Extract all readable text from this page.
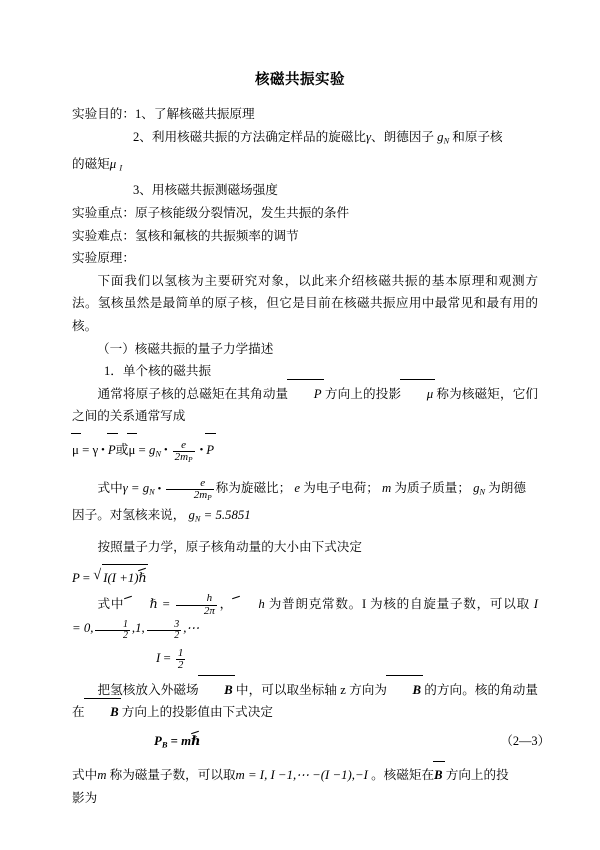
核磁共振实验
实验目的：1、了解核磁共振原理
2、利用核磁共振的方法确定样品的旋磁比γ、朗德因子 $g_N$ 和原子核
的磁矩μ $_I$
3、用核磁共振测磁场强度
实验重点：原子核能级分裂情况，发生共振的条件
实验难点：氢核和氟核的共振频率的调节
实验原理：
下面我们以氢核为主要研究对象，以此来介绍核磁共振的基本原理和观测方法。氢核虽然是最简单的原子核，但它是目前在核磁共振应用中最常见和最有用的核。
（一）核磁共振的量子力学描述
1．单个核的磁共振
通常将原子核的总磁矩在其角动量 P 方向上的投影 μ 称为核磁矩，它们之间的关系通常写成
μ = γ • P或$\mu = g_N$ • $\frac{e}{2m_P}$ • P
式中$\gamma = g_N$ • $\frac{e}{2m_P}$ 称为旋磁比； e 为电子电荷； m 为质子质量； $g_N$ 为朗德
因子。对氢核来说， $g_N = 5.5851$
按照量子力学，原子核角动量的大小由下式决定
P = √ I(I +1)ℏ
式中 ℏ = $\frac{h}{2\pi}$ ， h 为普朗克常数。I 为核的自旋量子数，可以取 I = 0, $\frac{1}{2} ,1$, $\frac{3}{2}$ ,⋯
$I = \frac{1}{2}$
把氢核放入外磁场 B 中，可以取坐标轴 z 方向为 B 的方向。核的角动量在 B 方向上的投影值由下式决定
$P_B$ = mℏ	（2—3）
式中m 称为磁量子数，可以取m = I, I −1,⋯ −(I −1),−I 。核磁矩在B 方向上的投
影为
